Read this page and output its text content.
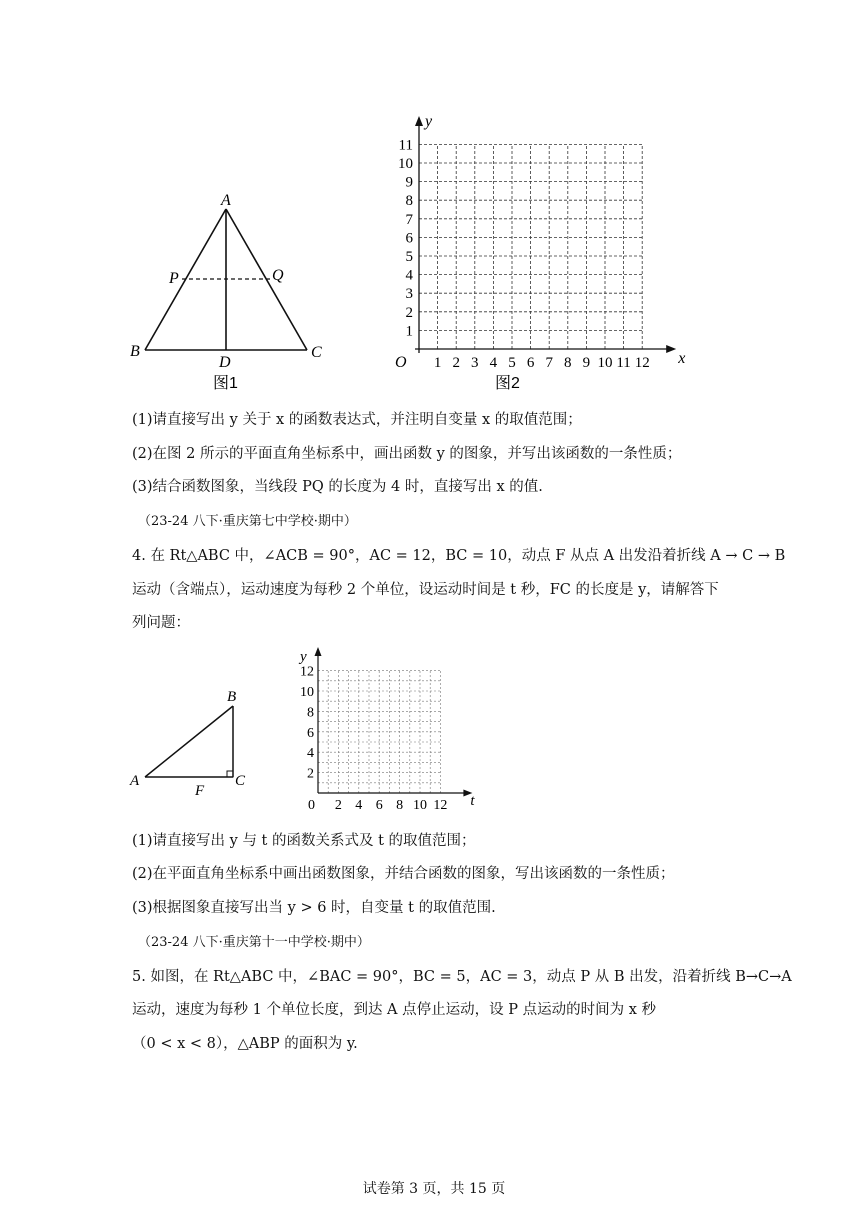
A
B	C
D
P	Q
图1
1 2 3 4 5 6 7 8 9 10 11 12
1
2
3
4
5
6
7
8
9
10
11
O	x
y
图2
(1)请直接写出 y 关于 x 的函数表达式，并注明自变量 x 的取值范围；
(2)在图 2 所示的平面直角坐标系中，画出函数 y 的图象，并写出该函数的一条性质；
(3)结合函数图象，当线段 PQ 的长度为 4 时，直接写出 x 的值.
（23-24 八下·重庆第七中学校·期中）
4. 在 Rt△ABC 中，∠ACB = 90°，AC = 12，BC = 10，动点 F 从点 A 出发沿着折线 A → C → B
运动（含端点），运动速度为每秒 2 个单位，设运动时间是 t 秒，FC 的长度是 y，请解答下
列问题：
A
B
C
F
2 4 6 8 10 12
2
4
6
8
10
12
0	t
y
(1)请直接写出 y 与 t 的函数关系式及 t 的取值范围；
(2)在平面直角坐标系中画出函数图象，并结合函数的图象，写出该函数的一条性质；
(3)根据图象直接写出当 y > 6 时，自变量 t 的取值范围.
（23-24 八下·重庆第十一中学校·期中）
5. 如图，在 Rt△ABC 中，∠BAC = 90°，BC = 5，AC = 3，动点 P 从 B 出发，沿着折线 B→C→A
运动，速度为每秒 1 个单位长度，到达 A 点停止运动，设 P 点运动的时间为 x 秒
（0 < x < 8），△ABP 的面积为 y.
试卷第 3 页，共 15 页
